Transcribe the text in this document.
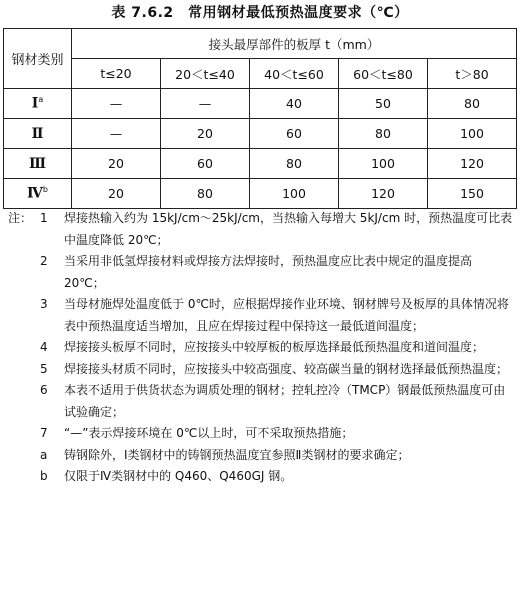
表 7.6.2　常用钢材最低预热温度要求（℃）
钢材类别	接头最厚部件的板厚 t（mm）				
	t≤20	20＜t≤40	40＜t≤60	60＜t≤80	t＞80
Ⅰ$^a$	—	—	40	50	80
Ⅱ	—	20	60	80	100
Ⅲ	20	60	80	100	120
Ⅳ$^b$	20	80	100	120	150
注： 1	焊接热输入约为 15kJ/cm～25kJ/cm，当热输入每增大 5kJ/cm 时，预热温度可比表中温度降低 20℃；
2	当采用非低氢焊接材料或焊接方法焊接时，预热温度应比表中规定的温度提高 20℃；
3	当母材施焊处温度低于 0℃时，应根据焊接作业环境、钢材牌号及板厚的具体情况将表中预热温度适当增加，且应在焊接过程中保持这一最低道间温度；
4	焊接接头板厚不同时，应按接头中较厚板的板厚选择最低预热温度和道间温度；
5	焊接接头材质不同时，应按接头中较高强度、较高碳当量的钢材选择最低预热温度；
6	本表不适用于供货状态为调质处理的钢材；控轧控冷（TMCP）钢最低预热温度可由试验确定；
7	“—”表示焊接环境在 0℃以上时，可不采取预热措施；
a	铸钢除外，Ⅰ类钢材中的铸钢预热温度宜参照Ⅱ类钢材的要求确定；
b	仅限于Ⅳ类钢材中的 Q460、Q460GJ 钢。
